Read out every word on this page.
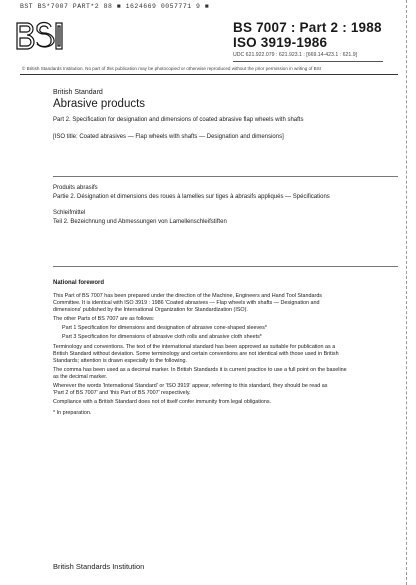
BST BS*7007 PART*2 88 ■ 1624669 0057771 9 ■
BS 7007 : Part 2 : 1988
ISO 3919-1986
UDC 621.922.079 : 621.923.1 : [669.14-423.1 : 621.9]
© British Standards Institution. No part of this publication may be photocopied or otherwise reproduced without the prior permission in writing of BSI
British Standard
Abrasive products
Part 2. Specification for designation and dimensions of coated abrasive flap wheels with shafts
[ISO title: Coated abrasives — Flap wheels with shafts — Designation and dimensions]
Produits abrasifs
Partie 2. Désignation et dimensions des roues à lamelles sur tiges à abrasifs appliqués — Spécifications
Schleifmittel
Teil 2. Bezeichnung und Abmessungen von Lamellenschleifstiften
National foreword
This Part of BS 7007 has been prepared under the direction of the Machine, Engineers and Hand Tool Standards
Committee. It is identical with ISO 3919 : 1986 'Coated abrasives — Flap wheels with shafts — Designation and
dimensions' published by the International Organization for Standardization (ISO).
The other Parts of BS 7007 are as follows:
Part 1 Specification for dimensions and designation of abrasive cone-shaped sleeves*
Part 3 Specification for dimensions of abrasive cloth rolls and abrasive cloth sheets*
Terminology and conventions. The text of the international standard has been approved as suitable for publication as a
British Standard without deviation. Some terminology and certain conventions are not identical with those used in British
Standards; attention is drawn especially to the following.
The comma has been used as a decimal marker. In British Standards it is current practice to use a full point on the baseline
as the decimal marker.
Wherever the words 'International Standard' or 'ISO 3919' appear, referring to this standard, they should be read as
'Part 2 of BS 7007' and 'this Part of BS 7007' respectively.
Compliance with a British Standard does not of itself confer immunity from legal obligations.
* In preparation.
British Standards Institution
